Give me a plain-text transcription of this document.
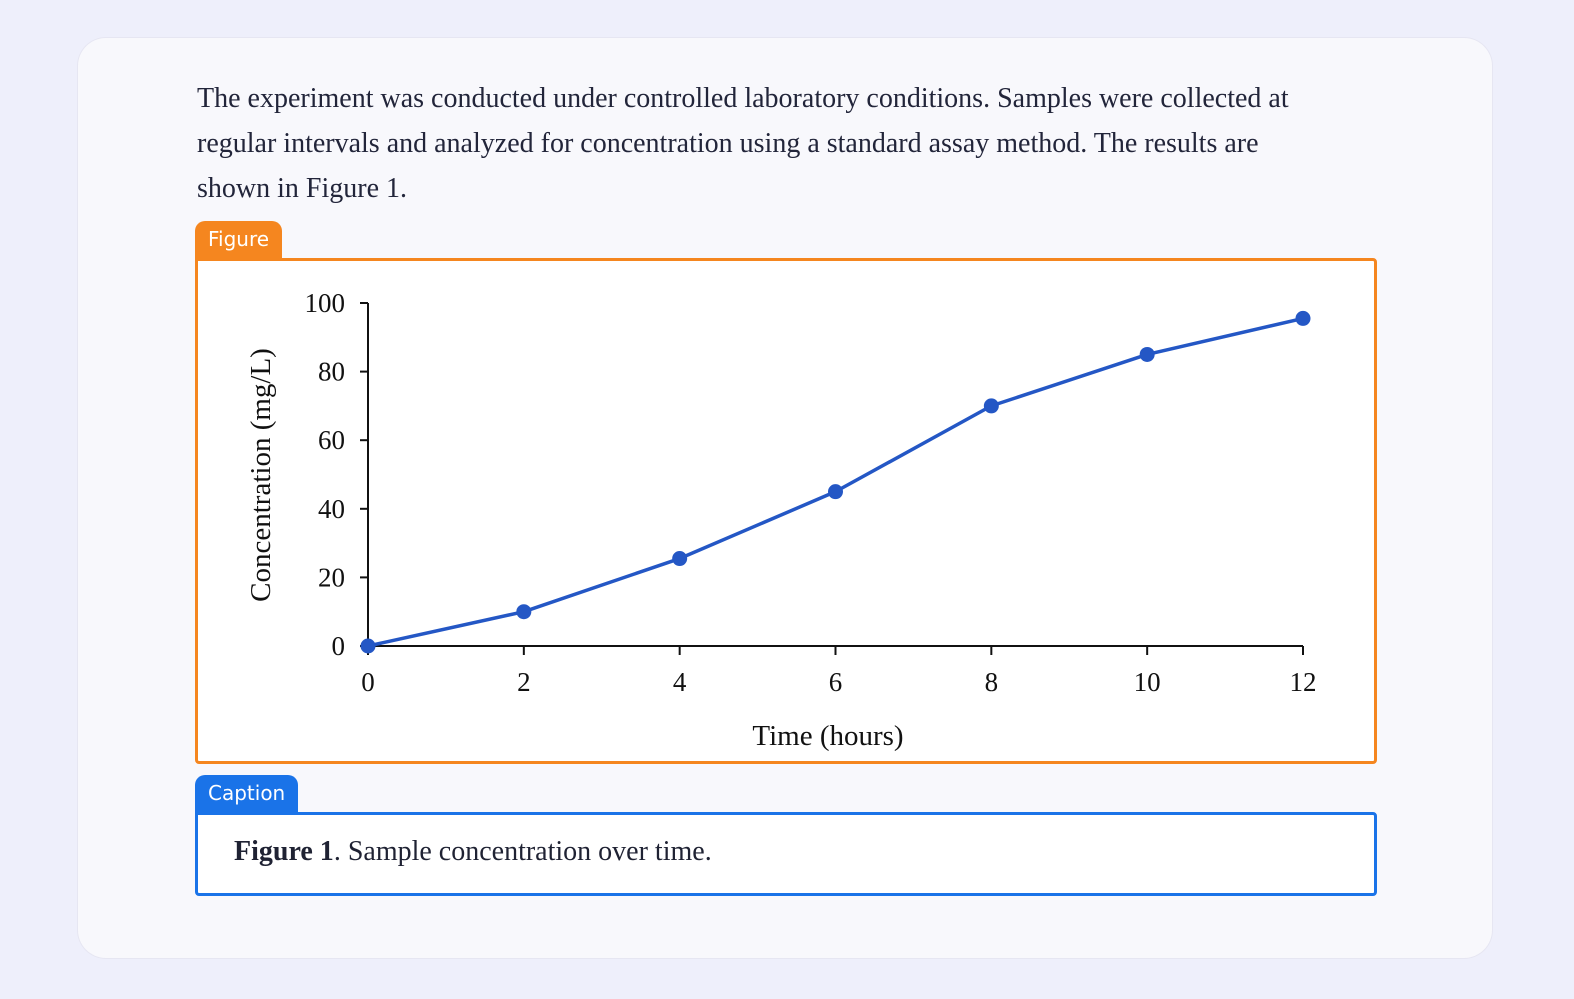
The experiment was conducted under controlled laboratory conditions. Samples were collected at regular intervals and analyzed for concentration using a standard assay method. The results are shown in Figure 1.

Figure
0
20
40
60
80
100
0	2	4	6	8	10	12
Time (hours)
Concentration (mg/L)
Caption
Figure 1. Sample concentration over time.
